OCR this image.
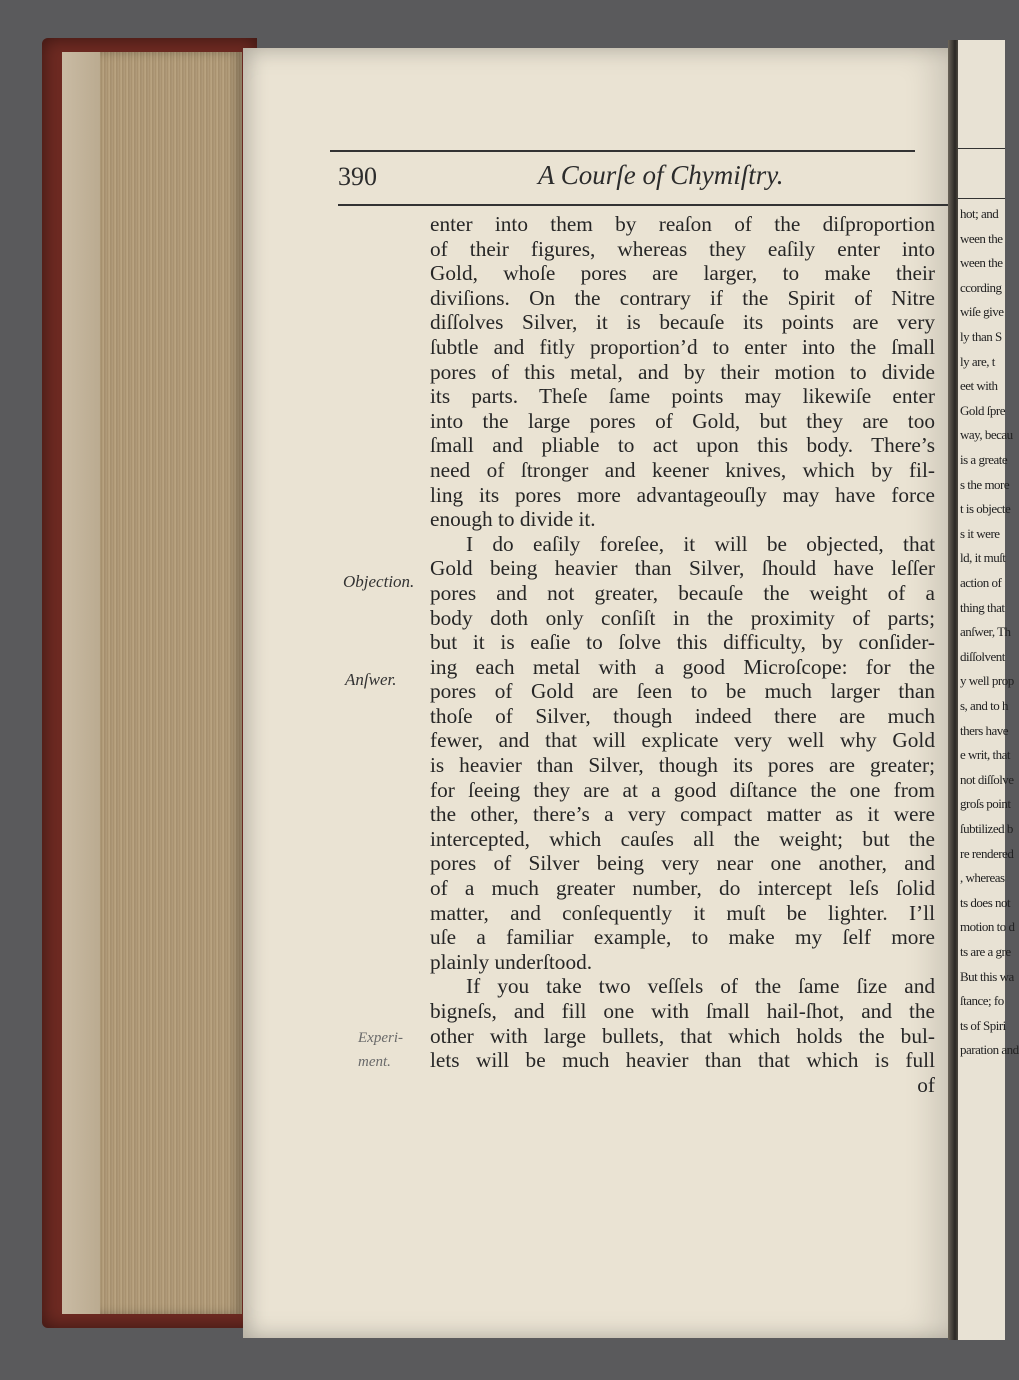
390	A Courſe of Chymiſtry.
Objection.
Anſwer.
Experi-
ment.
enter into them by reaſon of the diſproportion
of their figures, whereas they eaſily enter into
Gold, whoſe pores are larger, to make their
diviſions. On the contrary if the Spirit of Nitre
diſſolves Silver, it is becauſe its points are very
ſubtle and fitly proportion’d to enter into the ſmall
pores of this metal, and by their motion to divide
its parts. Theſe ſame points may likewiſe enter
into the large pores of Gold, but they are too
ſmall and pliable to act upon this body. There’s
need of ſtronger and keener knives, which by fil-
ling its pores more advantageouſly may have force
enough to divide it.
I do eaſily foreſee, it will be objected, that
Gold being heavier than Silver, ſhould have leſſer
pores and not greater, becauſe the weight of a
body doth only conſiſt in the proximity of parts;
but it is eaſie to ſolve this difficulty, by conſider-
ing each metal with a good Microſcope: for the
pores of Gold are ſeen to be much larger than
thoſe of Silver, though indeed there are much
fewer, and that will explicate very well why Gold
is heavier than Silver, though its pores are greater;
for ſeeing they are at a good diſtance the one from
the other, there’s a very compact matter as it were
intercepted, which cauſes all the weight; but the
pores of Silver being very near one another, and
of a much greater number, do intercept leſs ſolid
matter, and conſequently it muſt be lighter. I’ll
uſe a familiar example, to make my ſelf more
plainly underſtood.
If you take two veſſels of the ſame ſize and
bigneſs, and fill one with ſmall hail-ſhot, and the
other with large bullets, that which holds the bul-
lets will be much heavier than that which is full
of
hot; and
ween the
ween the
ccording
wiſe give
ly than S
ly are, t
eet with
Gold ſpre
way, becau
is a greate
s the more
t is objecte
s it were
ld, it muſt
action of
thing that
anſwer, Th
diſſolvent
y well prop
s, and to h
thers have
e writ, that
not diſſolve
groſs point
ſubtilized b
re rendered
, whereas
ts does not
motion to d
ts are a gre
But this wa
ſtance; fo
ts of Spiri
paration and
